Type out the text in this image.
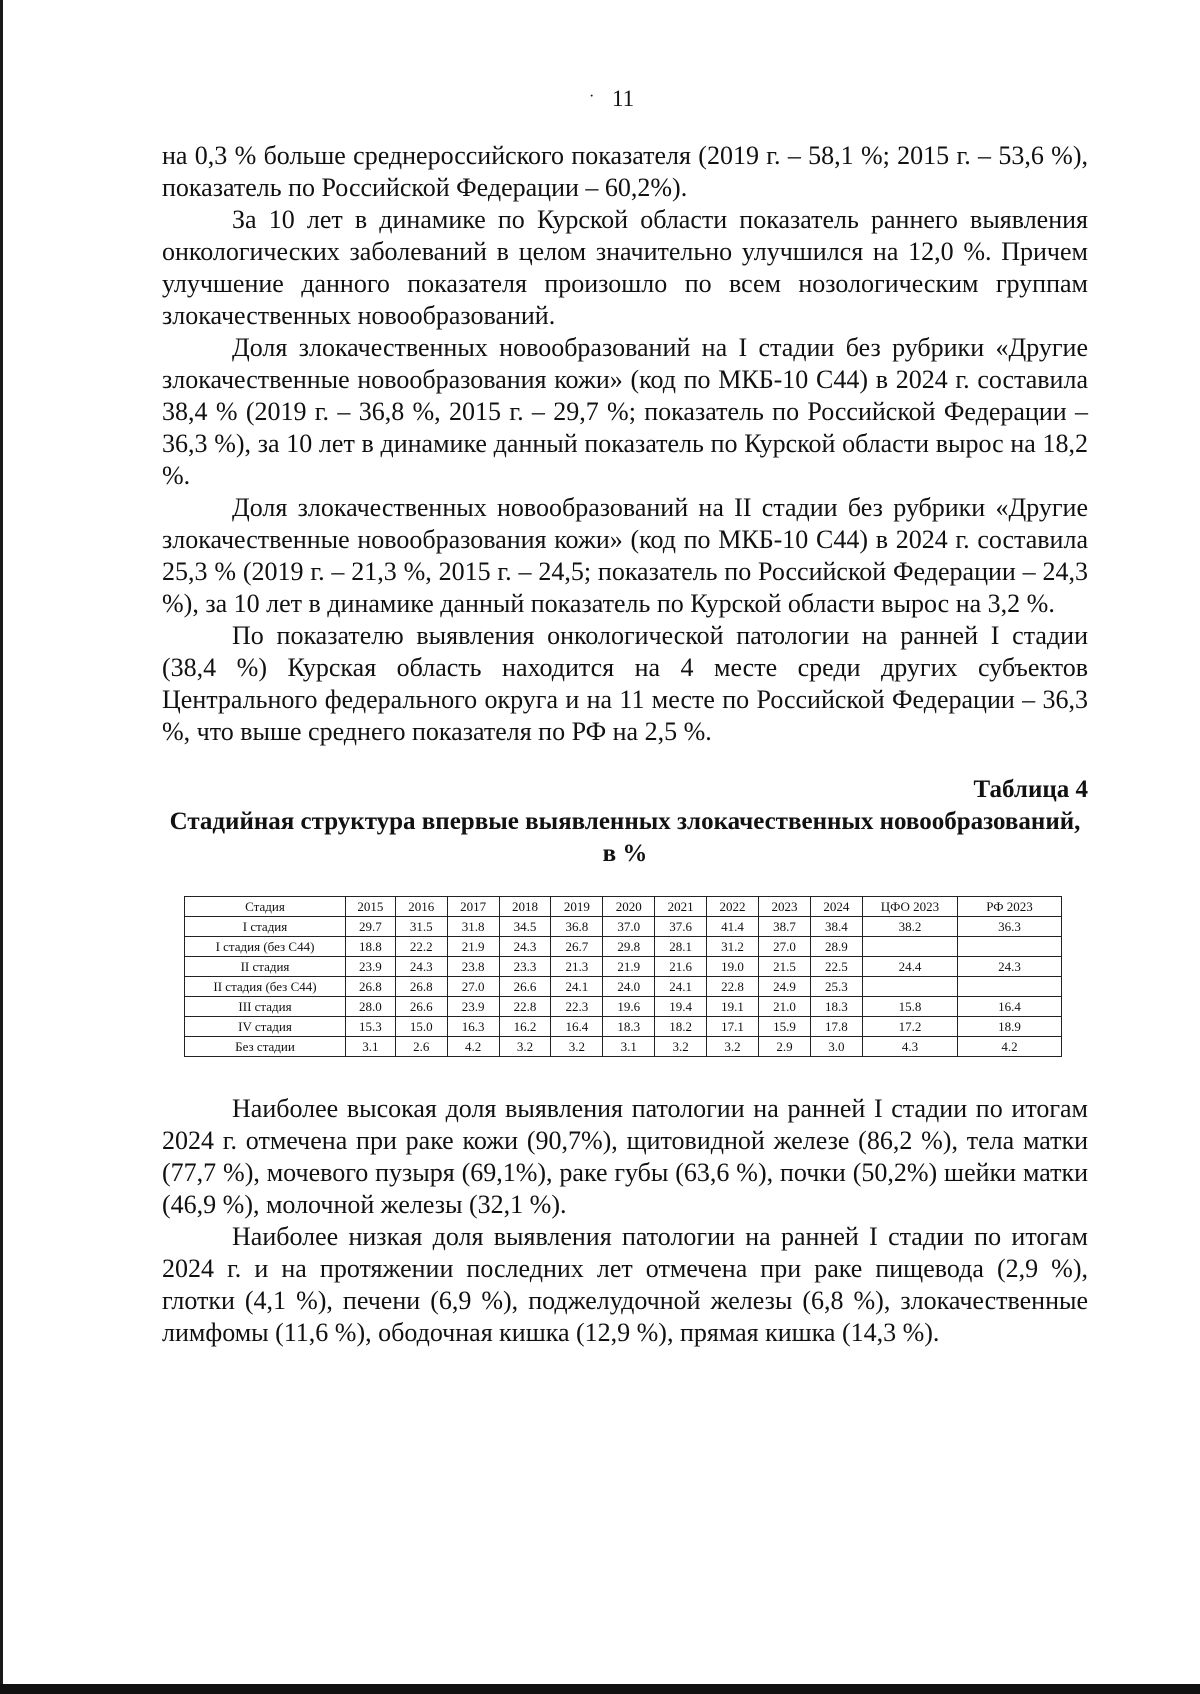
· 11

на 0,3 % больше среднероссийского показателя (2019 г. – 58,1 %; 2015 г. – 53,6 %), показатель по Российской Федерации – 60,2%).

За 10 лет в динамике по Курской области показатель раннего выявления онкологических заболеваний в целом значительно улучшился на 12,0 %. Причем улучшение данного показателя произошло по всем нозологическим группам злокачественных новообразований.

Доля злокачественных новообразований на I стадии без рубрики «Другие злокачественные новообразования кожи» (код по МКБ-10 С44) в 2024 г. составила 38,4 % (2019 г. – 36,8 %, 2015 г. – 29,7 %; показатель по Российской Федерации – 36,3 %), за 10 лет в динамике данный показатель по Курской области вырос на 18,2 %.

Доля злокачественных новообразований на II стадии без рубрики «Другие злокачественные новообразования кожи» (код по МКБ-10 С44) в 2024 г. составила 25,3 % (2019 г. – 21,3 %, 2015 г. – 24,5; показатель по Российской Федерации – 24,3 %), за 10 лет в динамике данный показатель по Курской области вырос на 3,2 %.

По показателю выявления онкологической патологии на ранней I стадии (38,4 %) Курская область находится на 4 месте среди других субъектов Центрального федерального округа и на 11 месте по Российской Федерации – 36,3 %, что выше среднего показателя по РФ на 2,5 %.

Таблица 4
Стадийная структура впервые выявленных злокачественных новообразований, в %
Стадия	2015	2016	2017	2018	2019	2020	2021	2022	2023	2024	ЦФО 2023	РФ 2023
I стадия	29.7	31.5	31.8	34.5	36.8	37.0	37.6	41.4	38.7	38.4	38.2	36.3
I стадия (без С44)	18.8	22.2	21.9	24.3	26.7	29.8	28.1	31.2	27.0	28.9		
II стадия	23.9	24.3	23.8	23.3	21.3	21.9	21.6	19.0	21.5	22.5	24.4	24.3
II стадия (без С44)	26.8	26.8	27.0	26.6	24.1	24.0	24.1	22.8	24.9	25.3		
III стадия	28.0	26.6	23.9	22.8	22.3	19.6	19.4	19.1	21.0	18.3	15.8	16.4
IV стадия	15.3	15.0	16.3	16.2	16.4	18.3	18.2	17.1	15.9	17.8	17.2	18.9
Без стадии	3.1	2.6	4.2	3.2	3.2	3.1	3.2	3.2	2.9	3.0	4.3	4.2

Наиболее высокая доля выявления патологии на ранней I стадии по итогам 2024 г. отмечена при раке кожи (90,7%), щитовидной железе (86,2 %), тела матки (77,7 %), мочевого пузыря (69,1%), раке губы (63,6 %), почки (50,2%) шейки матки (46,9 %), молочной железы (32,1 %).

Наиболее низкая доля выявления патологии на ранней I стадии по итогам 2024 г. и на протяжении последних лет отмечена при раке пищевода (2,9 %), глотки (4,1 %), печени (6,9 %), поджелудочной железы (6,8 %), злокачественные лимфомы (11,6 %), ободочная кишка (12,9 %), прямая кишка (14,3 %).
